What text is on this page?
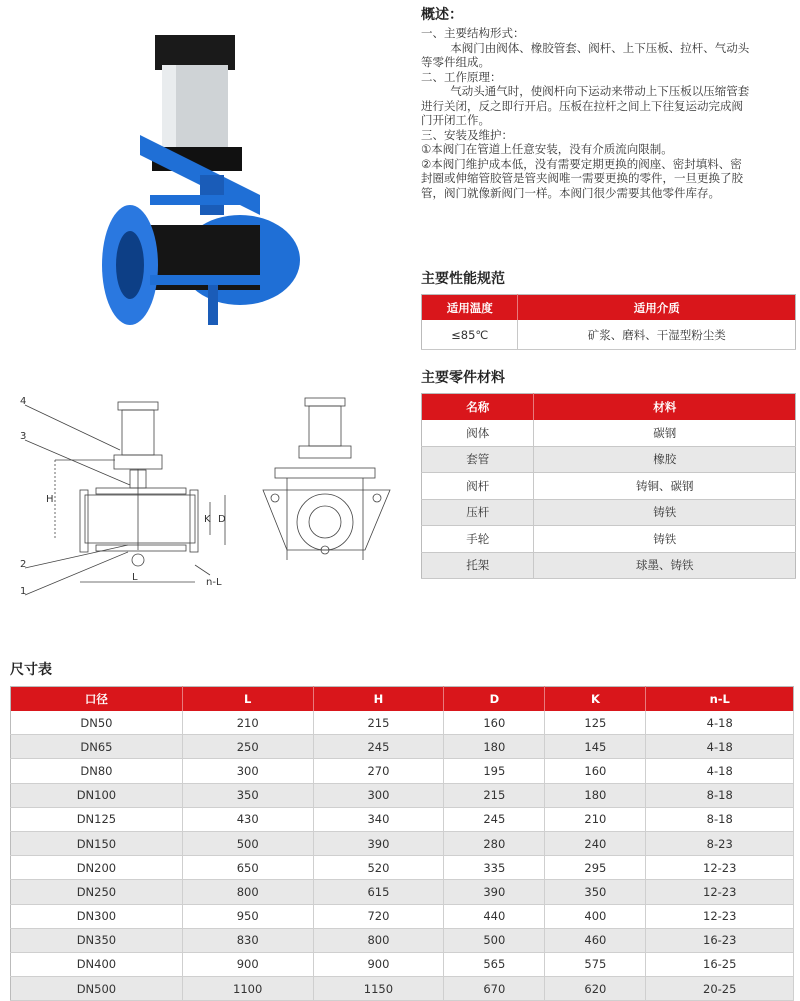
概述：
一、主要结构形式：
本阀门由阀体、橡胶管套、阀杆、上下压板、拉杆、气动头
等零件组成。
二、工作原理：
气动头通气时，使阀杆向下运动来带动上下压板以压缩管套
进行关闭，反之即行开启。压板在拉杆之间上下往复运动完成阀
门开闭工作。
三、安装及维护：
①本阀门在管道上任意安装，没有介质流向限制。
②本阀门维护成本低，没有需要定期更换的阀座、密封填料、密
封圈或伸缩管胶管是管夹阀唯一需要更换的零件，一旦更换了胶
管，阀门就像新阀门一样。本阀门很少需要其他零件库存。
主要性能规范
适用温度	适用介质
≤85℃	矿浆、磨料、干湿型粉尘类
主要零件材料
名称	材料
阀体	碳钢
套管	橡胶
阀杆	铸铜、碳钢
压杆	铸铁
手轮	铸铁
托架	球墨、铸铁
4
3
2
1
H
L
K D
n-L
尺寸表
口径	L	H	D	K	n-L
DN50	210	215	160	125	4-18
DN65	250	245	180	145	4-18
DN80	300	270	195	160	4-18
DN100	350	300	215	180	8-18
DN125	430	340	245	210	8-18
DN150	500	390	280	240	8-23
DN200	650	520	335	295	12-23
DN250	800	615	390	350	12-23
DN300	950	720	440	400	12-23
DN350	830	800	500	460	16-23
DN400	900	900	565	575	16-25
DN500	1100	1150	670	620	20-25
